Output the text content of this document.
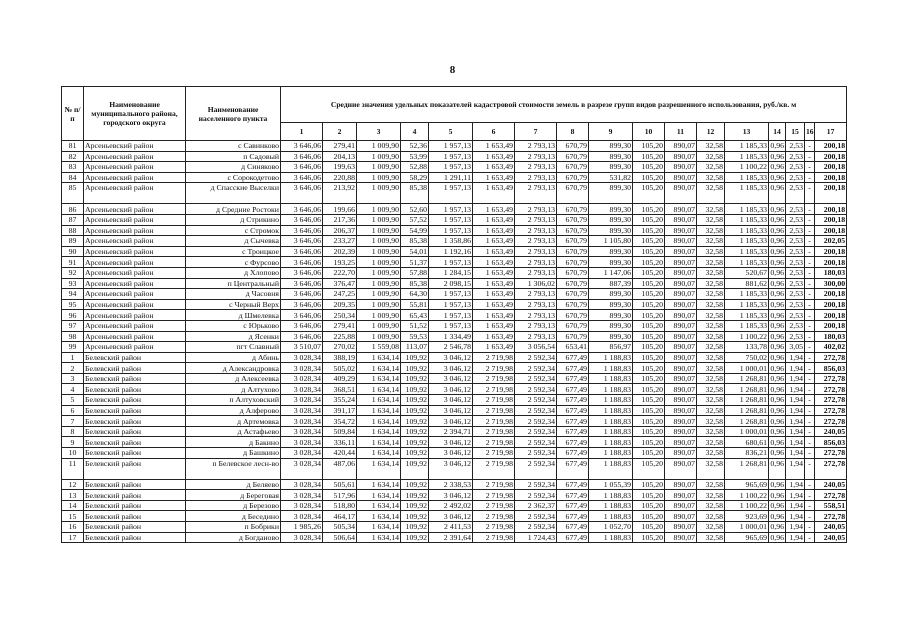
8
№ п/п	Наименование муниципального района, городского округа	Наименование населенного пункта	Средние значения удельных показателей кадастровой стоимости земель в разрезе групп видов разрешенного использования, руб./кв. м																
			1	2	3	4	5	6	7	8	9	10	11	12	13	14	15	16	17
81	Арсеньевский район	с Савинково	3 646,06	279,41	1 009,90	52,36	1 957,13	1 653,49	2 793,13	670,79	899,30	105,20	890,07	32,58	1 185,33	0,96	2,53	-	200,18
82	Арсеньевский район	п Садовый	3 646,06	204,13	1 009,90	53,99	1 957,13	1 653,49	2 793,13	670,79	899,30	105,20	890,07	32,58	1 185,33	0,96	2,53	-	200,18
83	Арсеньевский район	д Синяково	3 646,06	199,63	1 009,90	52,88	1 957,13	1 653,49	2 793,13	670,79	899,30	105,20	890,07	32,58	1 100,22	0,96	2,53	-	200,18
84	Арсеньевский район	с Сорокодетово	3 646,06	220,88	1 009,90	58,29	1 291,11	1 653,49	2 793,13	670,79	531,82	105,20	890,07	32,58	1 185,33	0,96	2,53	-	200,18
85	Арсеньевский район	д Спасские Выселки	3 646,06	213,92	1 009,90	85,38	1 957,13	1 653,49	2 793,13	670,79	899,30	105,20	890,07	32,58	1 185,33	0,96	2,53	-	200,18
86	Арсеньевский район	д Средние Ростоки	3 646,06	199,66	1 009,90	52,60	1 957,13	1 653,49	2 793,13	670,79	899,30	105,20	890,07	32,58	1 185,33	0,96	2,53	-	200,18
87	Арсеньевский район	д Стрикино	3 646,06	217,36	1 009,90	57,52	1 957,13	1 653,49	2 793,13	670,79	899,30	105,20	890,07	32,58	1 185,33	0,96	2,53	-	200,18
88	Арсеньевский район	с Стромок	3 646,06	206,37	1 009,90	54,99	1 957,13	1 653,49	2 793,13	670,79	899,30	105,20	890,07	32,58	1 185,33	0,96	2,53	-	200,18
89	Арсеньевский район	д Сычевка	3 646,06	233,27	1 009,90	85,38	1 358,86	1 653,49	2 793,13	670,79	1 105,80	105,20	890,07	32,58	1 185,33	0,96	2,53	-	202,05
90	Арсеньевский район	с Троицкое	3 646,06	202,39	1 009,90	54,01	1 192,16	1 653,49	2 793,13	670,79	899,30	105,20	890,07	32,58	1 185,33	0,96	2,53	-	200,18
91	Арсеньевский район	с Фурсово	3 646,06	193,25	1 009,90	51,37	1 957,13	1 653,49	2 793,13	670,79	899,30	105,20	890,07	32,58	1 185,33	0,96	2,53	-	200,18
92	Арсеньевский район	д Хлопово	3 646,06	222,70	1 009,90	57,88	1 284,15	1 653,49	2 793,13	670,79	1 147,06	105,20	890,07	32,58	520,67	0,96	2,53	-	180,03
93	Арсеньевский район	п Центральный	3 646,06	376,47	1 009,90	85,38	2 098,15	1 653,49	1 306,02	670,79	887,39	105,20	890,07	32,58	881,62	0,96	2,53	-	300,00
94	Арсеньевский район	д Часовня	3 646,06	247,25	1 009,90	64,30	1 957,13	1 653,49	2 793,13	670,79	899,30	105,20	890,07	32,58	1 185,33	0,96	2,53	-	200,18
95	Арсеньевский район	с Черный Верх	3 646,06	209,35	1 009,90	55,81	1 957,13	1 653,49	2 793,13	670,79	899,30	105,20	890,07	32,58	1 185,33	0,96	2,53	-	200,18
96	Арсеньевский район	д Шмелевка	3 646,06	250,34	1 009,90	65,43	1 957,13	1 653,49	2 793,13	670,79	899,30	105,20	890,07	32,58	1 185,33	0,96	2,53	-	200,18
97	Арсеньевский район	с Юрьково	3 646,06	279,41	1 009,90	51,52	1 957,13	1 653,49	2 793,13	670,79	899,30	105,20	890,07	32,58	1 185,33	0,96	2,53	-	200,18
98	Арсеньевский район	д Ясенки	3 646,06	225,88	1 009,90	59,53	1 334,49	1 653,49	2 793,13	670,79	899,30	105,20	890,07	32,58	1 100,22	0,96	2,53	-	180,03
99	Арсеньевский район	пгт Славный	3 510,07	270,02	1 559,08	113,07	2 546,78	1 653,49	3 056,54	653,41	856,97	105,20	890,07	32,58	133,78	0,96	3,05	-	402,02
1	Белевский район	д Абинь	3 028,34	388,19	1 634,14	109,92	3 046,12	2 719,98	2 592,34	677,49	1 188,83	105,20	890,07	32,58	750,02	0,96	1,94	-	272,78
2	Белевский район	д Александровка	3 028,34	505,02	1 634,14	109,92	3 046,12	2 719,98	2 592,34	677,49	1 188,83	105,20	890,07	32,58	1 000,01	0,96	1,94	-	856,03
3	Белевский район	д Алексеевка	3 028,34	409,29	1 634,14	109,92	3 046,12	2 719,98	2 592,34	677,49	1 188,83	105,20	890,07	32,58	1 268,81	0,96	1,94	-	272,78
4	Белевский район	д Алтухово	3 028,34	368,51	1 634,14	109,92	3 046,12	2 719,98	2 592,34	677,49	1 188,83	105,20	890,07	32,58	1 268,81	0,96	1,94	-	272,78
5	Белевский район	п Алтуховский	3 028,34	355,24	1 634,14	109,92	3 046,12	2 719,98	2 592,34	677,49	1 188,83	105,20	890,07	32,58	1 268,81	0,96	1,94	-	272,78
6	Белевский район	д Алферово	3 028,34	391,17	1 634,14	109,92	3 046,12	2 719,98	2 592,34	677,49	1 188,83	105,20	890,07	32,58	1 268,81	0,96	1,94	-	272,78
7	Белевский район	д Артемовка	3 028,34	354,72	1 634,14	109,92	3 046,12	2 719,98	2 592,34	677,49	1 188,83	105,20	890,07	32,58	1 268,81	0,96	1,94	-	272,78
8	Белевский район	д Астафьево	3 028,34	509,84	1 634,14	109,92	2 394,71	2 719,98	2 592,34	677,49	1 188,83	105,20	890,07	32,58	1 000,01	0,96	1,94	-	240,05
9	Белевский район	д Бакино	3 028,34	336,11	1 634,14	109,92	3 046,12	2 719,98	2 592,34	677,49	1 188,83	105,20	890,07	32,58	680,61	0,96	1,94	-	856,03
10	Белевский район	д Башкино	3 028,34	420,44	1 634,14	109,92	3 046,12	2 719,98	2 592,34	677,49	1 188,83	105,20	890,07	32,58	836,21	0,96	1,94	-	272,78
11	Белевский район	п Белевское лесн-во	3 028,34	487,06	1 634,14	109,92	3 046,12	2 719,98	2 592,34	677,49	1 188,83	105,20	890,07	32,58	1 268,81	0,96	1,94	-	272,78
12	Белевский район	д Беляево	3 028,34	505,61	1 634,14	109,92	2 338,53	2 719,98	2 592,34	677,49	1 055,39	105,20	890,07	32,58	965,69	0,96	1,94	-	240,05
13	Белевский район	д Береговая	3 028,34	517,96	1 634,14	109,92	3 046,12	2 719,98	2 592,34	677,49	1 188,83	105,20	890,07	32,58	1 100,22	0,96	1,94	-	272,78
14	Белевский район	д Березово	3 028,34	518,80	1 634,14	109,92	2 492,02	2 719,98	2 362,37	677,49	1 188,83	105,20	890,07	32,58	1 100,22	0,96	1,94	-	558,51
15	Белевский район	д Беседино	3 028,34	464,17	1 634,14	109,92	3 046,12	2 719,98	2 592,34	677,49	1 188,83	105,20	890,07	32,58	923,69	0,96	1,94	-	272,78
16	Белевский район	п Бобрики	1 985,26	505,34	1 634,14	109,92	2 411,53	2 719,98	2 592,34	677,49	1 052,70	105,20	890,07	32,58	1 000,01	0,96	1,94	-	240,05
17	Белевский район	д Богданово	3 028,34	506,64	1 634,14	109,92	2 391,64	2 719,98	1 724,43	677,49	1 188,83	105,20	890,07	32,58	965,69	0,96	1,94	-	240,05
